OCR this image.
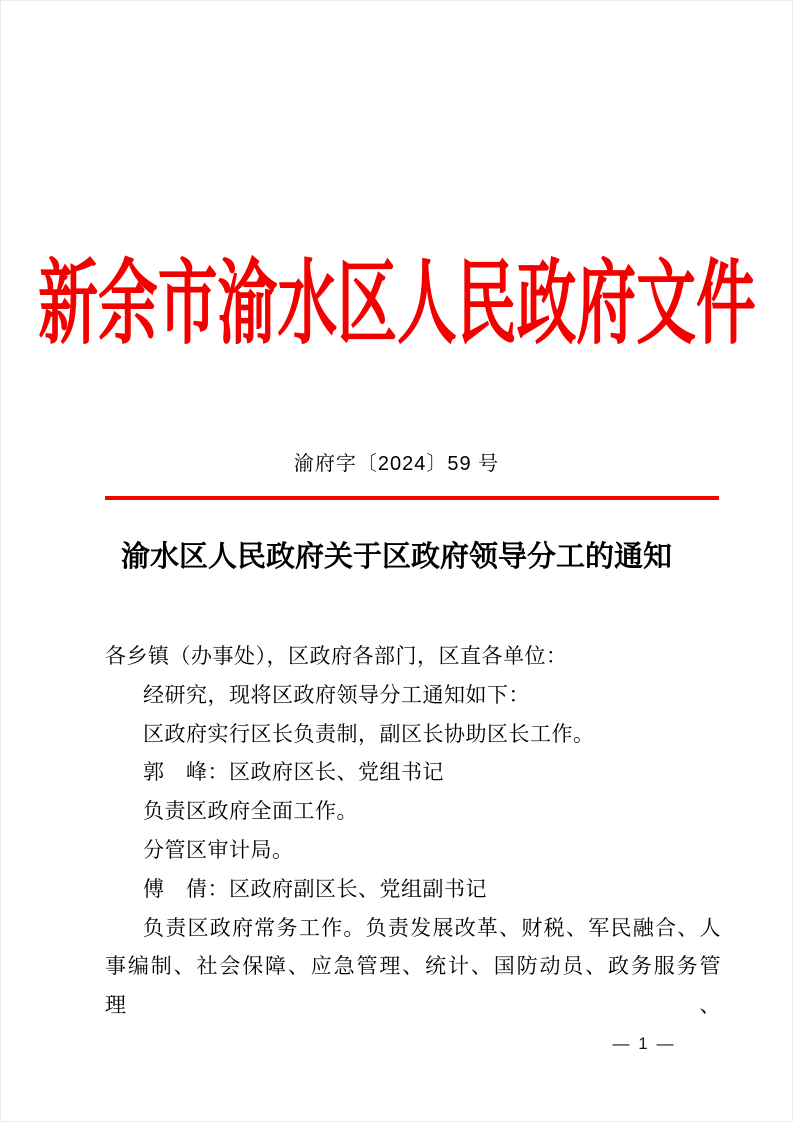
新余市渝水区人民政府文件
渝府字〔2024〕59 号
渝水区人民政府关于区政府领导分工的通知
各乡镇（办事处），区政府各部门，区直各单位：
经研究，现将区政府领导分工通知如下：
区政府实行区长负责制，副区长协助区长工作。
郭　峰：区政府区长、党组书记
负责区政府全面工作。
分管区审计局。
傅　倩：区政府副区长、党组副书记
负责区政府常务工作。负责发展改革、财税、军民融合、人
事编制、社会保障、应急管理、统计、国防动员、政务服务管理、
— 1 —
